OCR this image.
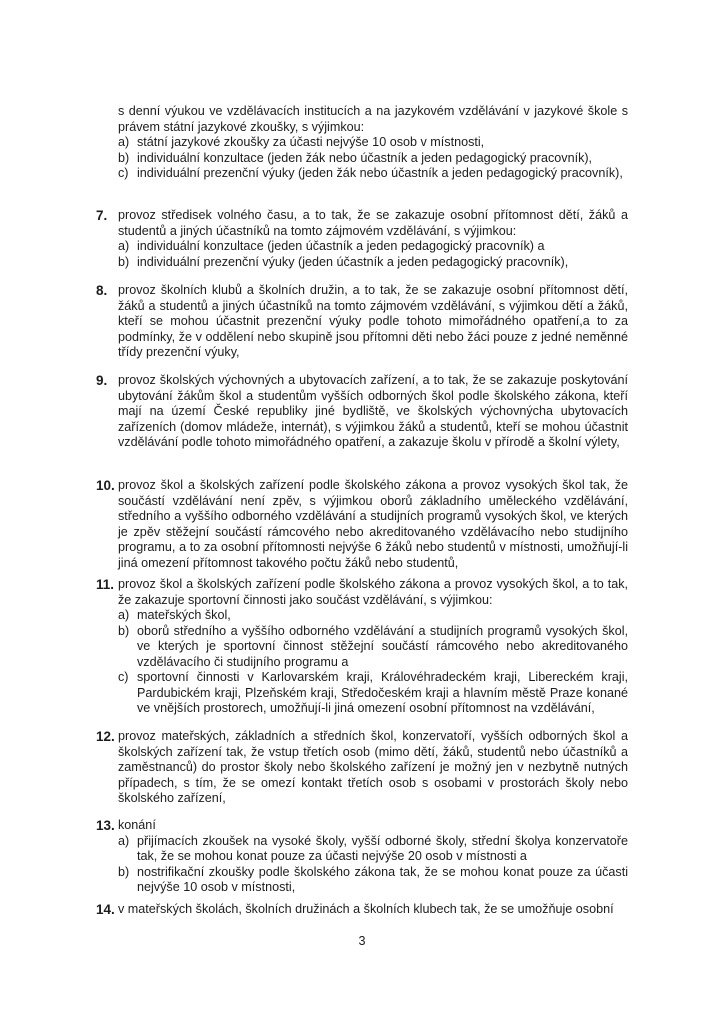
s denní výukou ve vzdělávacích institucích a na jazykovém vzdělávání v jazykové škole s právem státní jazykové zkoušky, s výjimkou:
a) státní jazykové zkoušky za účasti nejvýše 10 osob v místnosti,
b) individuální konzultace (jeden žák nebo účastník a jeden pedagogický pracovník),
c) individuální prezenční výuky (jeden žák nebo účastník a jeden pedagogický pracovník),
7. provoz středisek volného času, a to tak, že se zakazuje osobní přítomnost dětí, žáků a studentů a jiných účastníků na tomto zájmovém vzdělávání, s výjimkou:
a) individuální konzultace (jeden účastník a jeden pedagogický pracovník) a
b) individuální prezenční výuky (jeden účastník a jeden pedagogický pracovník),
8. provoz školních klubů a školních družin, a to tak, že se zakazuje osobní přítomnost dětí, žáků a studentů a jiných účastníků na tomto zájmovém vzdělávání, s výjimkou dětí a žáků, kteří se mohou účastnit prezenční výuky podle tohoto mimořádného opatření,a to za podmínky, že v oddělení nebo skupině jsou přítomni děti nebo žáci pouze z jedné neměnné třídy prezenční výuky,
9. provoz školských výchovných a ubytovacích zařízení, a to tak, že se zakazuje poskytování ubytování žákům škol a studentům vyšších odborných škol podle školského zákona, kteří mají na území České republiky jiné bydliště, ve školských výchovnýcha ubytovacích zařízeních (domov mládeže, internát), s výjimkou žáků a studentů, kteří se mohou účastnit vzdělávání podle tohoto mimořádného opatření, a zakazuje školu v přírodě a školní výlety,
10. provoz škol a školských zařízení podle školského zákona a provoz vysokých škol tak, že součástí vzdělávání není zpěv, s výjimkou oborů základního uměleckého vzdělávání, středního a vyššího odborného vzdělávání a studijních programů vysokých škol, ve kterých je zpěv stěžejní součástí rámcového nebo akreditovaného vzdělávacího nebo studijního programu, a to za osobní přítomnosti nejvýše 6 žáků nebo studentů v místnosti, umožňují-li jiná omezení přítomnost takového počtu žáků nebo studentů,
11. provoz škol a školských zařízení podle školského zákona a provoz vysokých škol, a to tak, že zakazuje sportovní činnosti jako součást vzdělávání, s výjimkou:
a) mateřských škol,
b) oborů středního a vyššího odborného vzdělávání a studijních programů vysokých škol, ve kterých je sportovní činnost stěžejní součástí rámcového nebo akreditovaného vzdělávacího či studijního programu a
c) sportovní činnosti v Karlovarském kraji, Královéhradeckém kraji, Libereckém kraji, Pardubickém kraji, Plzeňském kraji, Středočeském kraji a hlavním městě Praze konané ve vnějších prostorech, umožňují-li jiná omezení osobní přítomnost na vzdělávání,
12. provoz mateřských, základních a středních škol, konzervatoří, vyšších odborných škol a školských zařízení tak, že vstup třetích osob (mimo dětí, žáků, studentů nebo účastníků a zaměstnanců) do prostor školy nebo školského zařízení je možný jen v nezbytně nutných případech, s tím, že se omezí kontakt třetích osob s osobami v prostorách školy nebo školského zařízení,
13. konání
a) přijímacích zkoušek na vysoké školy, vyšší odborné školy, střední školya konzervatoře tak, že se mohou konat pouze za účasti nejvýše 20 osob v místnosti a
b) nostrifikační zkoušky podle školského zákona tak, že se mohou konat pouze za účasti nejvýše 10 osob v místnosti,
14. v mateřských školách, školních družinách a školních klubech tak, že se umožňuje osobní
3
